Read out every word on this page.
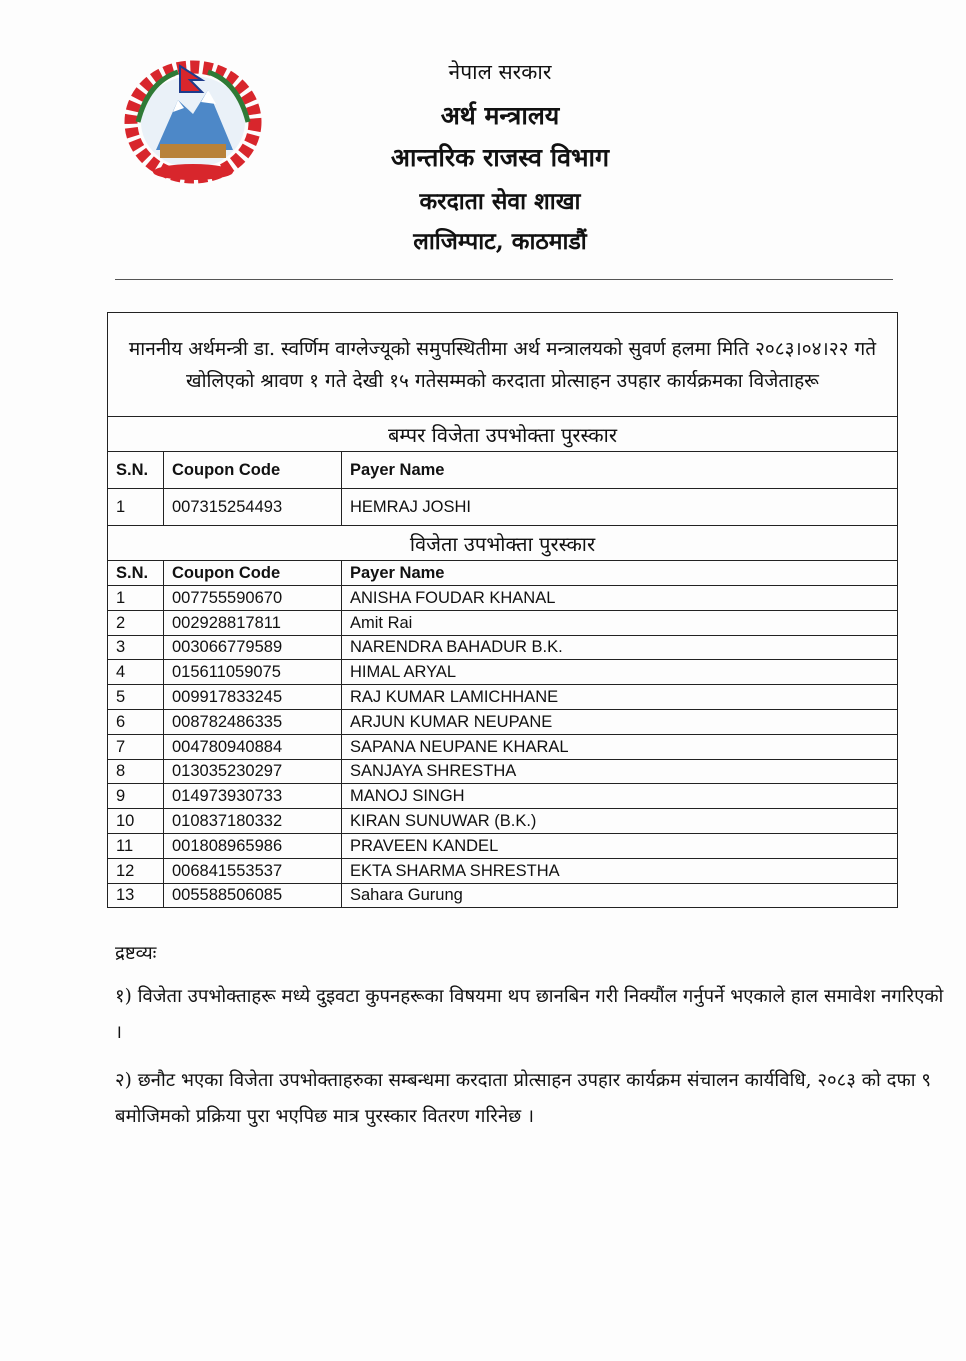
नेपाल सरकार
अर्थ मन्त्रालय
आन्तरिक राजस्व विभाग
करदाता सेवा शाखा
लाजिम्पाट, काठमाडौं
माननीय अर्थमन्त्री डा. स्वर्णिम वाग्लेज्यूको समुपस्थितीमा अर्थ मन्त्रालयको सुवर्ण हलमा मिति २०८३।०४।२२ गते खोलिएको श्रावण १ गते देखी १५ गतेसम्मको करदाता प्रोत्साहन उपहार कार्यक्रमका विजेताहरू		
बम्पर विजेता उपभोक्ता पुरस्कार		
S.N.	Coupon Code	Payer Name
1	007315254493	HEMRAJ JOSHI
विजेता उपभोक्ता पुरस्कार		
S.N.	Coupon Code	Payer Name
1	007755590670	ANISHA FOUDAR KHANAL
2	002928817811	Amit Rai
3	003066779589	NARENDRA BAHADUR B.K.
4	015611059075	HIMAL ARYAL
5	009917833245	RAJ KUMAR LAMICHHANE
6	008782486335	ARJUN KUMAR NEUPANE
7	004780940884	SAPANA NEUPANE KHARAL
8	013035230297	SANJAYA SHRESTHA
9	014973930733	MANOJ SINGH
10	010837180332	KIRAN SUNUWAR (B.K.)
11	001808965986	PRAVEEN KANDEL
12	006841553537	EKTA SHARMA SHRESTHA
13	005588506085	Sahara Gurung
द्रष्टव्यः
१) विजेता उपभोक्ताहरू मध्ये दुइवटा कुपनहरूका विषयमा थप छानबिन गरी निक्यौंल गर्नुपर्ने भएकाले हाल समावेश नगरिएको ।
२) छनौट भएका विजेता उपभोक्ताहरुका सम्बन्धमा करदाता प्रोत्साहन उपहार कार्यक्रम संचालन कार्यविधि, २०८३ को दफा ९ बमोजिमको प्रक्रिया पुरा भएपिछ मात्र पुरस्कार वितरण गरिनेछ ।
